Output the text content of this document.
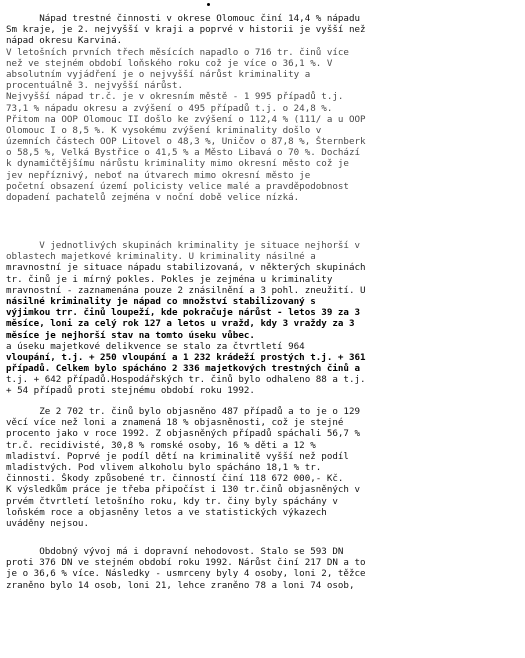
Nápad trestné činnosti v okrese Olomouc činí 14,4 % nápadu
Sm kraje, je 2. nejvyšší v kraji a poprvé v historii je vyšší než
nápad okresu Karviná.
V letošních prvních třech měsících napadlo o 716 tr. činů více
než ve stejném období loňského roku což je více o 36,1 %. V
absolutním vyjádření je o nejvyšší nárůst kriminality a
procentuálně 3. nejvyšší nárůst.
Nejvyšší nápad tr.č. je v okresním městě - 1 995 případů t.j.
73,1 % nápadu okresu a zvýšení o 495 případů t.j. o 24,8 %.
Přitom na OOP Olomouc II došlo ke zvýšení o 112,4 % (111/ a u OOP
Olomouc I o 8,5 %. K vysokému zvýšení kriminality došlo v
územních částech OOP Litovel o 48,3 %, Uničov o 87,8 %, Šternberk
o 58,5 %, Velká Bystřice o 41,5 % a Město Libavá o 70 %. Dochází
k dynamičtějšímu nárůstu kriminality mimo okresní město což je
jev nepříznivý, neboť na útvarech mimo okresní město je
početní obsazení území policisty velice malé a pravděpodobnost
dopadení pachatelů zejména v noční době velice nízká.
V jednotlivých skupinách kriminality je situace nejhorší v
oblastech majetkové kriminality. U kriminality násilné a
mravnostní je situace nápadu stabilizovaná, v některých skupinách
tr. činů je i mírný pokles. Pokles je zejména u kriminality
mravnostní - zaznamenána pouze 2 znásilnění a 3 pohl. zneužití. U
násilné kriminality je nápad co množství stabilizovaný s
výjimkou trr. činů loupeží, kde pokračuje nárůst - letos 39 za 3
měsíce, loni za celý rok 127 a letos u vražd, kdy 3 vraždy za 3
měsíce je nejhorší stav na tomto úseku vůbec.
a úseku majetkové delikvence se stalo za čtvrtletí 964
vloupání, t.j. + 250 vloupání a 1 232 krádeží prostých t.j. + 361
případů. Celkem bylo spácháno 2 336 majetkových trestných činů a
t.j. + 642 případů.Hospodářských tr. činů bylo odhaleno 88 a t.j.
+ 54 případů proti stejnému období roku 1992.
Ze 2 702 tr. činů bylo objasněno 487 případů a to je o 129
věcí více než loni a znamená 18 % objasněnosti, což je stejné
procento jako v roce 1992. Z objasněných případů spáchali 56,7 %
tr.č. recidivisté, 30,8 % romské osoby, 16 % děti a 12 %
mladiství. Poprvé je podíl dětí na kriminalitě vyšší než podíl
mladistvých. Pod vlivem alkoholu bylo spácháno 18,1 % tr.
činnosti. Škody způsobené tr. činností činí 118 672 000,- Kč.
K výsledkům práce je třeba připočíst i 130 tr.činů objasněných v
prvém čtvrtletí letošního roku, kdy tr. činy byly spáchány v
loňském roce a objasněny letos a ve statistických výkazech
uváděny nejsou.
Obdobný vývoj má i dopravní nehodovost. Stalo se 593 DN
proti 376 DN ve stejném období roku 1992. Nárůst činí 217 DN a to
je o 36,6 % více. Následky - usmrceny byly 4 osoby, loni 2, těžce
zraněno bylo 14 osob, loni 21, lehce zraněno 78 a loni 74 osob,
